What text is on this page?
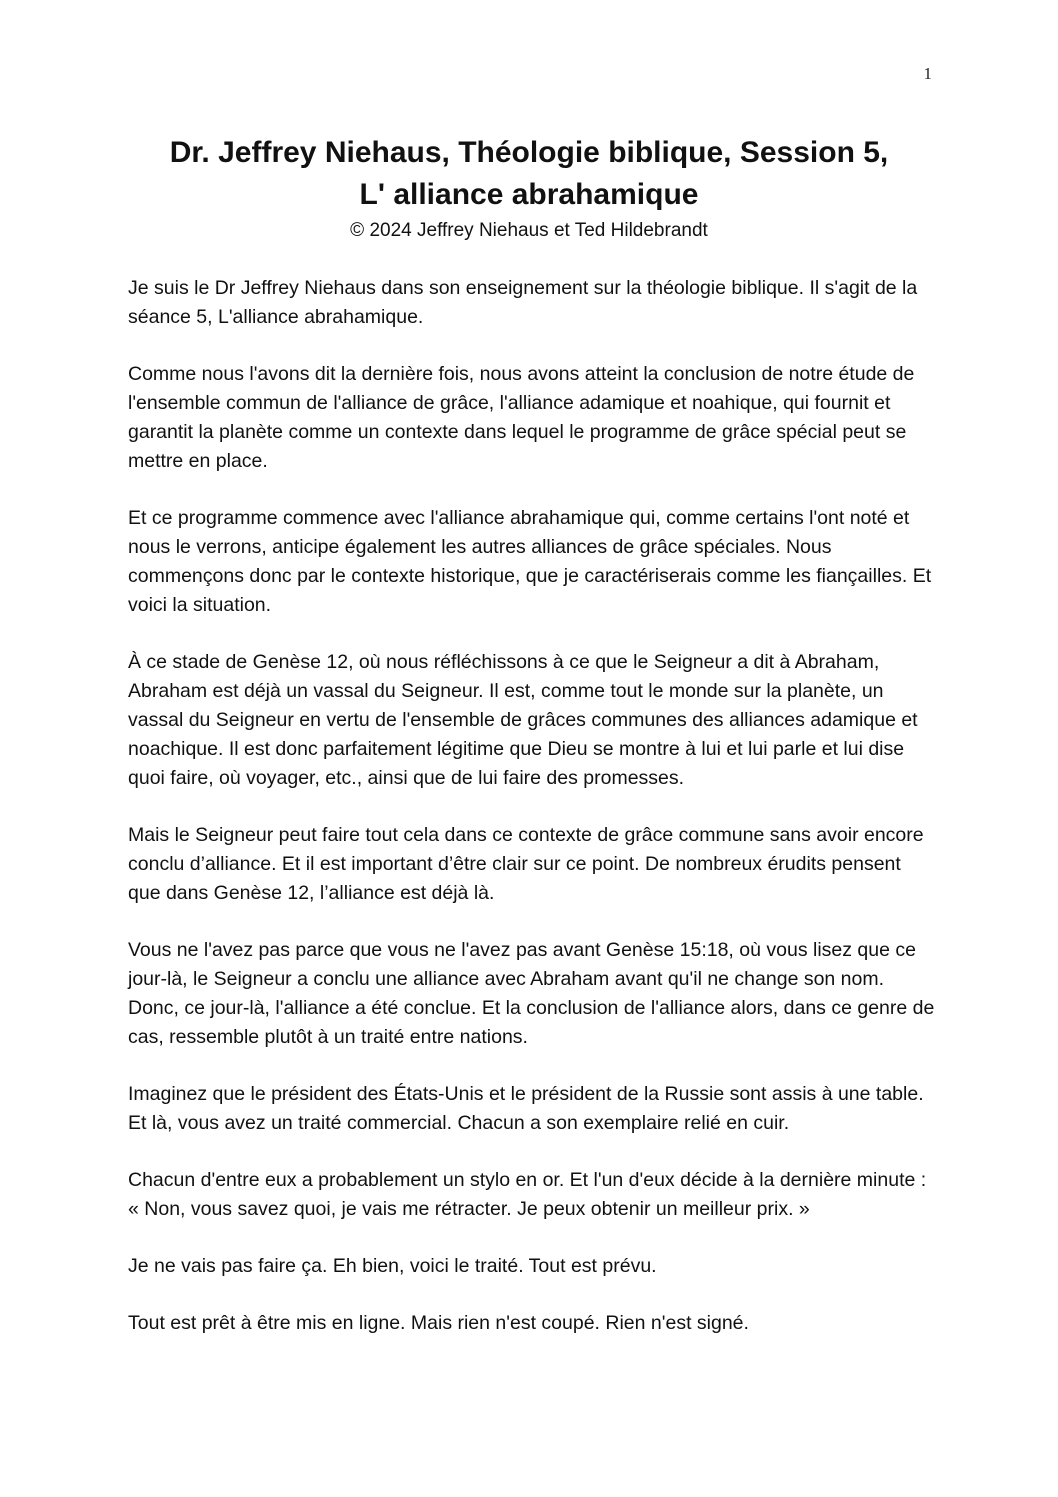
1
Dr. Jeffrey Niehaus, Théologie biblique, Session 5,
L' alliance abrahamique

© 2024 Jeffrey Niehaus et Ted Hildebrandt

Je suis le Dr Jeffrey Niehaus dans son enseignement sur la théologie biblique. Il s'agit de la séance 5, L'alliance abrahamique.

Comme nous l'avons dit la dernière fois, nous avons atteint la conclusion de notre étude de l'ensemble commun de l'alliance de grâce, l'alliance adamique et noahique, qui fournit et garantit la planète comme un contexte dans lequel le programme de grâce spécial peut se mettre en place.

Et ce programme commence avec l'alliance abrahamique qui, comme certains l'ont noté et nous le verrons, anticipe également les autres alliances de grâce spéciales. Nous commençons donc par le contexte historique, que je caractériserais comme les fiançailles. Et voici la situation.

À ce stade de Genèse 12, où nous réfléchissons à ce que le Seigneur a dit à Abraham, Abraham est déjà un vassal du Seigneur. Il est, comme tout le monde sur la planète, un vassal du Seigneur en vertu de l'ensemble de grâces communes des alliances adamique et noachique. Il est donc parfaitement légitime que Dieu se montre à lui et lui parle et lui dise quoi faire, où voyager, etc., ainsi que de lui faire des promesses.

Mais le Seigneur peut faire tout cela dans ce contexte de grâce commune sans avoir encore conclu d’alliance. Et il est important d’être clair sur ce point. De nombreux érudits pensent que dans Genèse 12, l’alliance est déjà là.

Vous ne l'avez pas parce que vous ne l'avez pas avant Genèse 15:18, où vous lisez que ce jour-là, le Seigneur a conclu une alliance avec Abraham avant qu'il ne change son nom. Donc, ce jour-là, l'alliance a été conclue. Et la conclusion de l'alliance alors, dans ce genre de cas, ressemble plutôt à un traité entre nations.

Imaginez que le président des États-Unis et le président de la Russie sont assis à une table. Et là, vous avez un traité commercial. Chacun a son exemplaire relié en cuir.

Chacun d'entre eux a probablement un stylo en or. Et l'un d'eux décide à la dernière minute : « Non, vous savez quoi, je vais me rétracter. Je peux obtenir un meilleur prix. »

Je ne vais pas faire ça. Eh bien, voici le traité. Tout est prévu.

Tout est prêt à être mis en ligne. Mais rien n'est coupé. Rien n'est signé.
